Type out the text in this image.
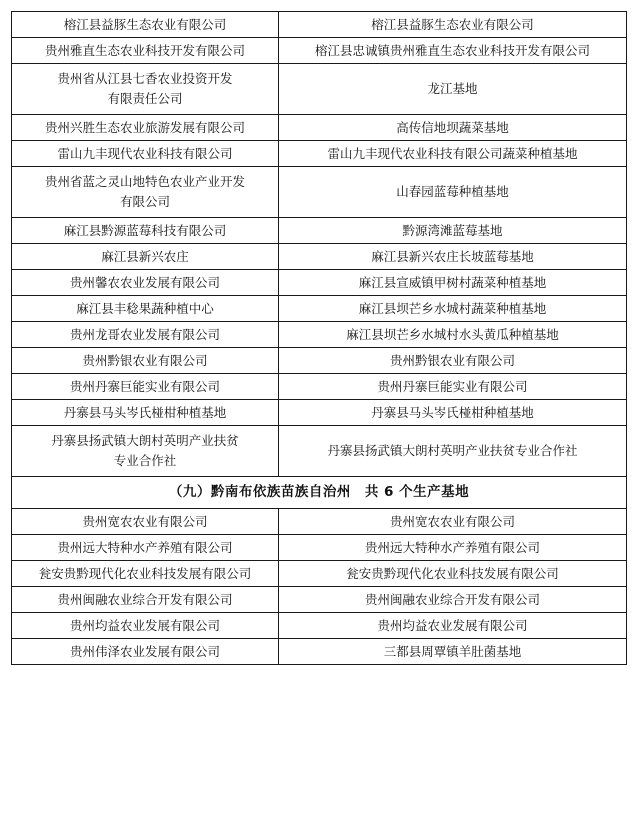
榕江县益豚生态农业有限公司	榕江县益豚生态农业有限公司
贵州雅直生态农业科技开发有限公司	榕江县忠诚镇贵州雅直生态农业科技开发有限公司
贵州省从江县七香农业投资开发
有限责任公司	龙江基地
贵州兴胜生态农业旅游发展有限公司	高传信地坝蔬菜基地
雷山九丰现代农业科技有限公司	雷山九丰现代农业科技有限公司蔬菜种植基地
贵州省蓝之灵山地特色农业产业开发
有限公司	山春园蓝莓种植基地
麻江县黔源蓝莓科技有限公司	黔源湾滩蓝莓基地
麻江县新兴农庄	麻江县新兴农庄长坡蓝莓基地
贵州馨农农业发展有限公司	麻江县宣威镇甲树村蔬菜种植基地
麻江县丰稔果蔬种植中心	麻江县坝芒乡水城村蔬菜种植基地
贵州龙哥农业发展有限公司	麻江县坝芒乡水城村水头黄瓜种植基地
贵州黔银农业有限公司	贵州黔银农业有限公司
贵州丹寨巨能实业有限公司	贵州丹寨巨能实业有限公司
丹寨县马头岑氏椪柑种植基地	丹寨县马头岑氏椪柑种植基地
丹寨县扬武镇大朗村英明产业扶贫
专业合作社	丹寨县扬武镇大朗村英明产业扶贫专业合作社
（九）黔南布依族苗族自治州　共 6 个生产基地	
贵州宽农农业有限公司	贵州宽农农业有限公司
贵州远大特种水产养殖有限公司	贵州远大特种水产养殖有限公司
瓮安贵黔现代化农业科技发展有限公司	瓮安贵黔现代化农业科技发展有限公司
贵州闽融农业综合开发有限公司	贵州闽融农业综合开发有限公司
贵州均益农业发展有限公司	贵州均益农业发展有限公司
贵州伟泽农业发展有限公司	三都县周覃镇羊肚菌基地
